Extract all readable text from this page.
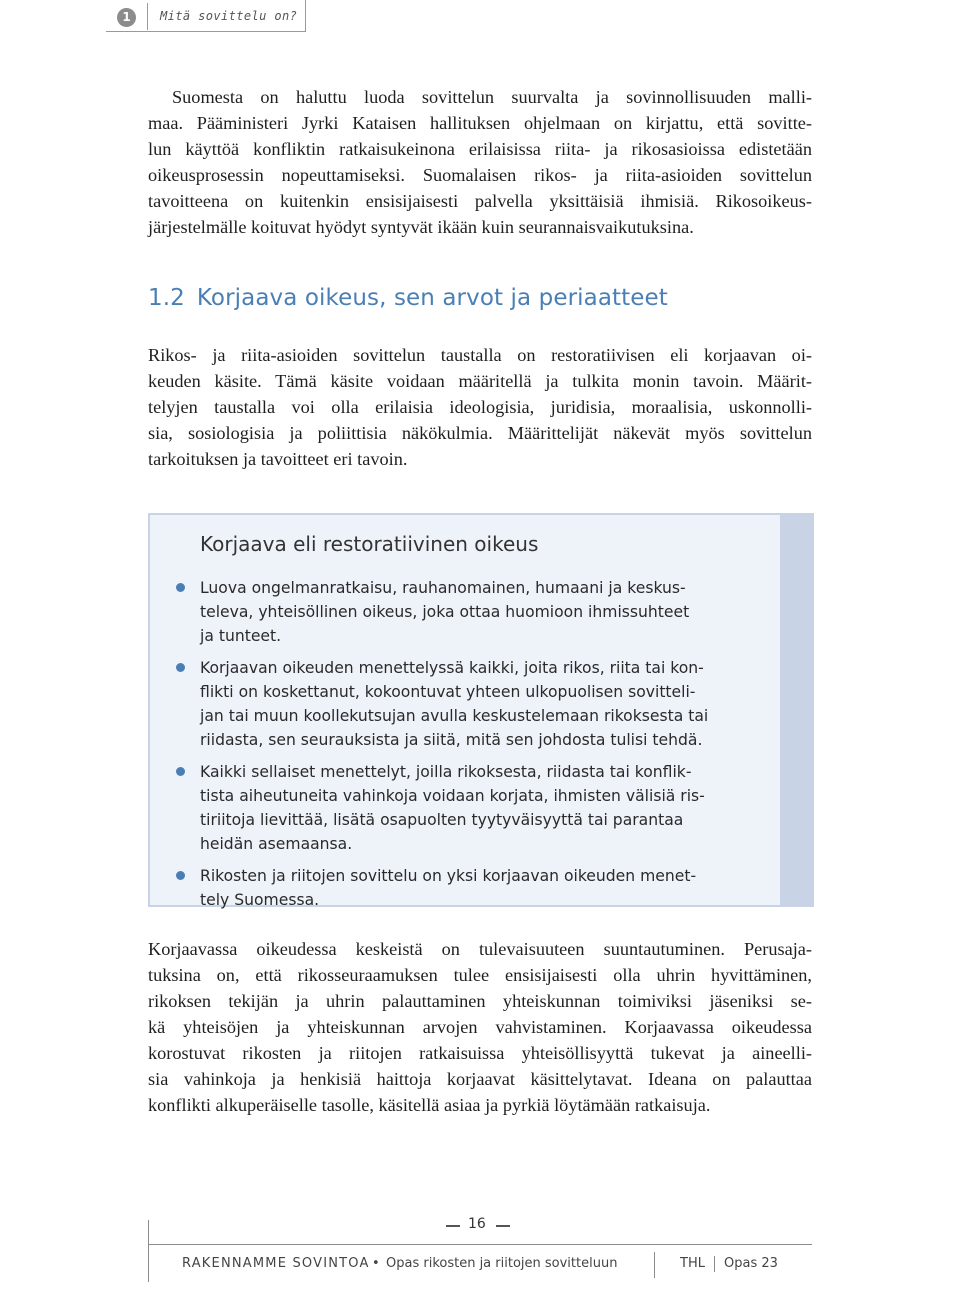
1	Mitä sovittelu on?
Suomesta on haluttu luoda sovittelun suurvalta ja sovinnollisuuden malli-
maa. Pääministeri Jyrki Kataisen hallituksen ohjelmaan on kirjattu, että sovitte-
lun käyttöä konfliktin ratkaisukeinona erilaisissa riita- ja rikosasioissa edistetään
oikeusprosessin nopeuttamiseksi. Suomalaisen rikos- ja riita-asioiden sovittelun
tavoitteena on kuitenkin ensisijaisesti palvella yksittäisiä ihmisiä. Rikosoikeus-
järjestelmälle koituvat hyödyt syntyvät ikään kuin seurannaisvaikutuksina.
1.2 Korjaava oikeus, sen arvot ja periaatteet
Rikos- ja riita-asioiden sovittelun taustalla on restoratiivisen eli korjaavan oi-
keuden käsite. Tämä käsite voidaan määritellä ja tulkita monin tavoin. Määrit-
telyjen taustalla voi olla erilaisia ideologisia, juridisia, moraalisia, uskonnolli-
sia, sosiologisia ja poliittisia näkökulmia. Määrittelijät näkevät myös sovittelun
tarkoituksen ja tavoitteet eri tavoin.
Korjaava eli restoratiivinen oikeus
Luova ongelmanratkaisu, rauhanomainen, humaani ja keskus-
televa, yhteisöllinen oikeus, joka ottaa huomioon ihmissuhteet
ja tunteet.
Korjaavan oikeuden menettelyssä kaikki, joita rikos, riita tai kon-
flikti on koskettanut, kokoontuvat yhteen ulkopuolisen sovitteli-
jan tai muun koollekutsujan avulla keskustelemaan rikoksesta tai
riidasta, sen seurauksista ja siitä, mitä sen johdosta tulisi tehdä.
Kaikki sellaiset menettelyt, joilla rikoksesta, riidasta tai konflik-
tista aiheutuneita vahinkoja voidaan korjata, ihmisten välisiä ris-
tiriitoja lievittää, lisätä osapuolten tyytyväisyyttä tai parantaa
heidän asemaansa.
Rikosten ja riitojen sovittelu on yksi korjaavan oikeuden menet-
tely Suomessa.
Korjaavassa oikeudessa keskeistä on tulevaisuuteen suuntautuminen. Perusaja-
tuksina on, että rikosseuraamuksen tulee ensisijaisesti olla uhrin hyvittäminen,
rikoksen tekijän ja uhrin palauttaminen yhteiskunnan toimiviksi jäseniksi se-
kä yhteisöjen ja yhteiskunnan arvojen vahvistaminen. Korjaavassa oikeudessa
korostuvat rikosten ja riitojen ratkaisuissa yhteisöllisyyttä tukevat ja aineelli-
sia vahinkoja ja henkisiä haittoja korjaavat käsittelytavat. Ideana on palauttaa
konflikti alkuperäiselle tasolle, käsitellä asiaa ja pyrkiä löytämään ratkaisuja.
16
RAKENNAMME SOVINTOA • Opas rikosten ja riitojen sovitteluun	THL Opas 23
